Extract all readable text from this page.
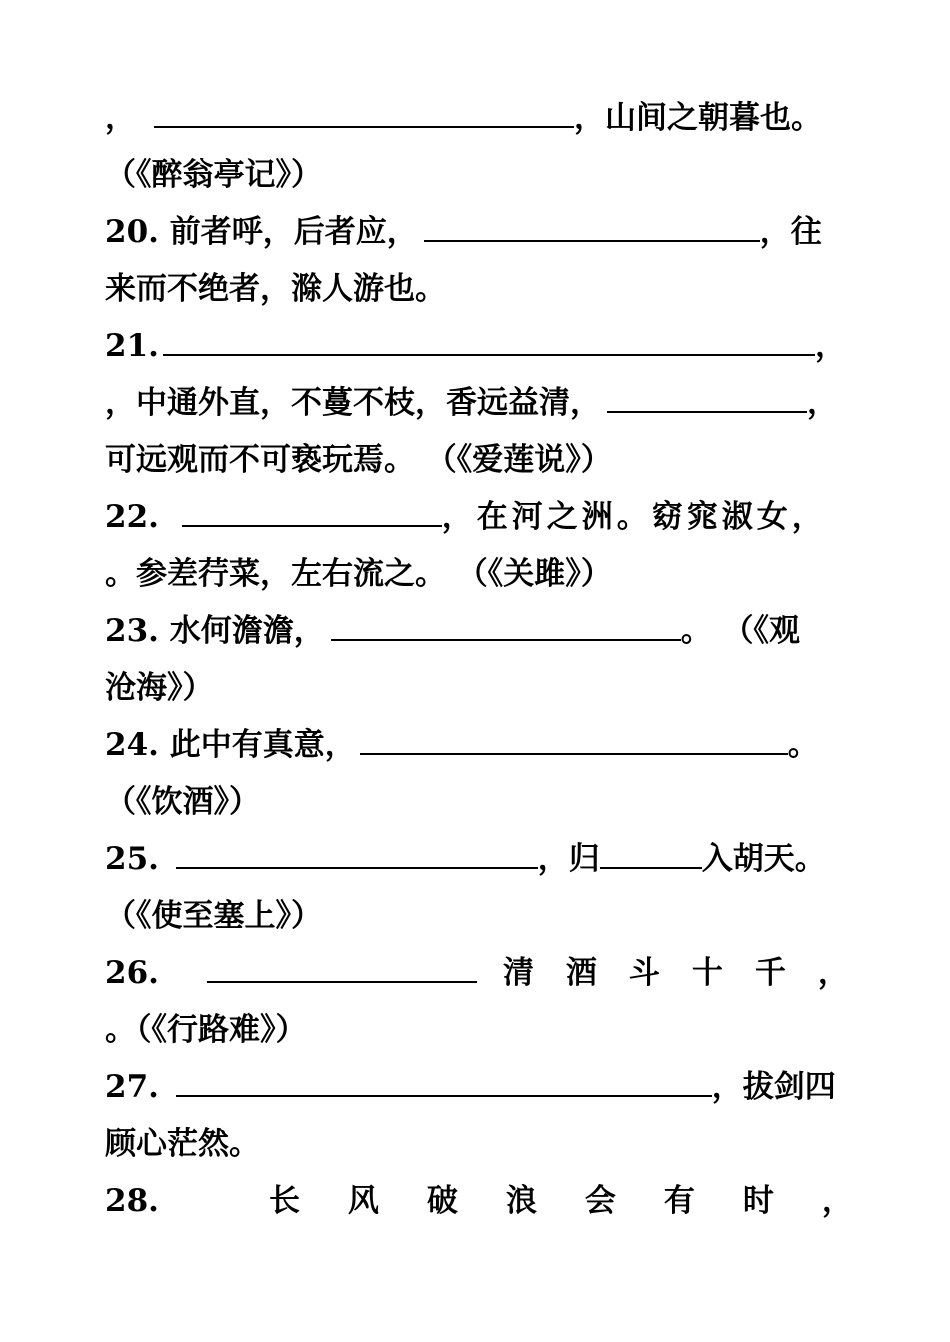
，	，山间之朝暮也。
（《醉翁亭记》）
20. 前者呼，后者应，	，往
来而不绝者，滁人游也。
21.	，
，中通外直，不蔓不枝，香远益清，	，
可远观而不可亵玩焉。 （《爱莲说》）
22.	，在河之洲。窈窕淑女，
。参差荇菜，左右流之。 （《关雎》）
23. 水何澹澹，	。 （《观
沧海》）
24. 此中有真意，	。
（《饮酒》）
25.	，归	入胡天。
（《使至塞上》）
26.	清酒斗十千，
。（《行路难》）
27.	，拔剑四
顾心茫然。
28.	长风破浪会有时，
